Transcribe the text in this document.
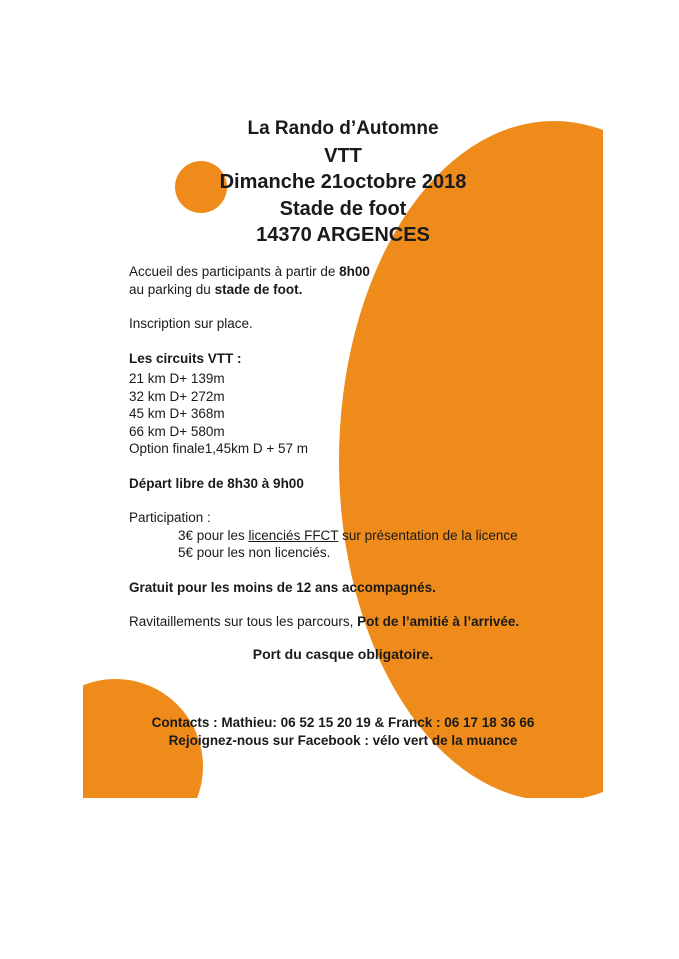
La Rando d’Automne
VTT
Dimanche 21octobre 2018
Stade de foot
14370 ARGENCES

Accueil des participants à partir de 8h00

au parking du stade de foot.

Inscription sur place.

Les circuits VTT :

21 km D+ 139m

32 km D+ 272m

45 km D+ 368m

66 km D+ 580m

Option finale1,45km D + 57 m

Départ libre de 8h30 à 9h00

Participation :

3€ pour les licenciés FFCT sur présentation de la licence

5€ pour les non licenciés.

Gratuit pour les moins de 12 ans accompagnés.

Ravitaillements sur tous les parcours, Pot de l’amitié à l’arrivée.

Port du casque obligatoire.
Contacts : Mathieu: 06 52 15 20 19 & Franck : 06 17 18 36 66
Rejoignez-nous sur Facebook : vélo vert de la muance
